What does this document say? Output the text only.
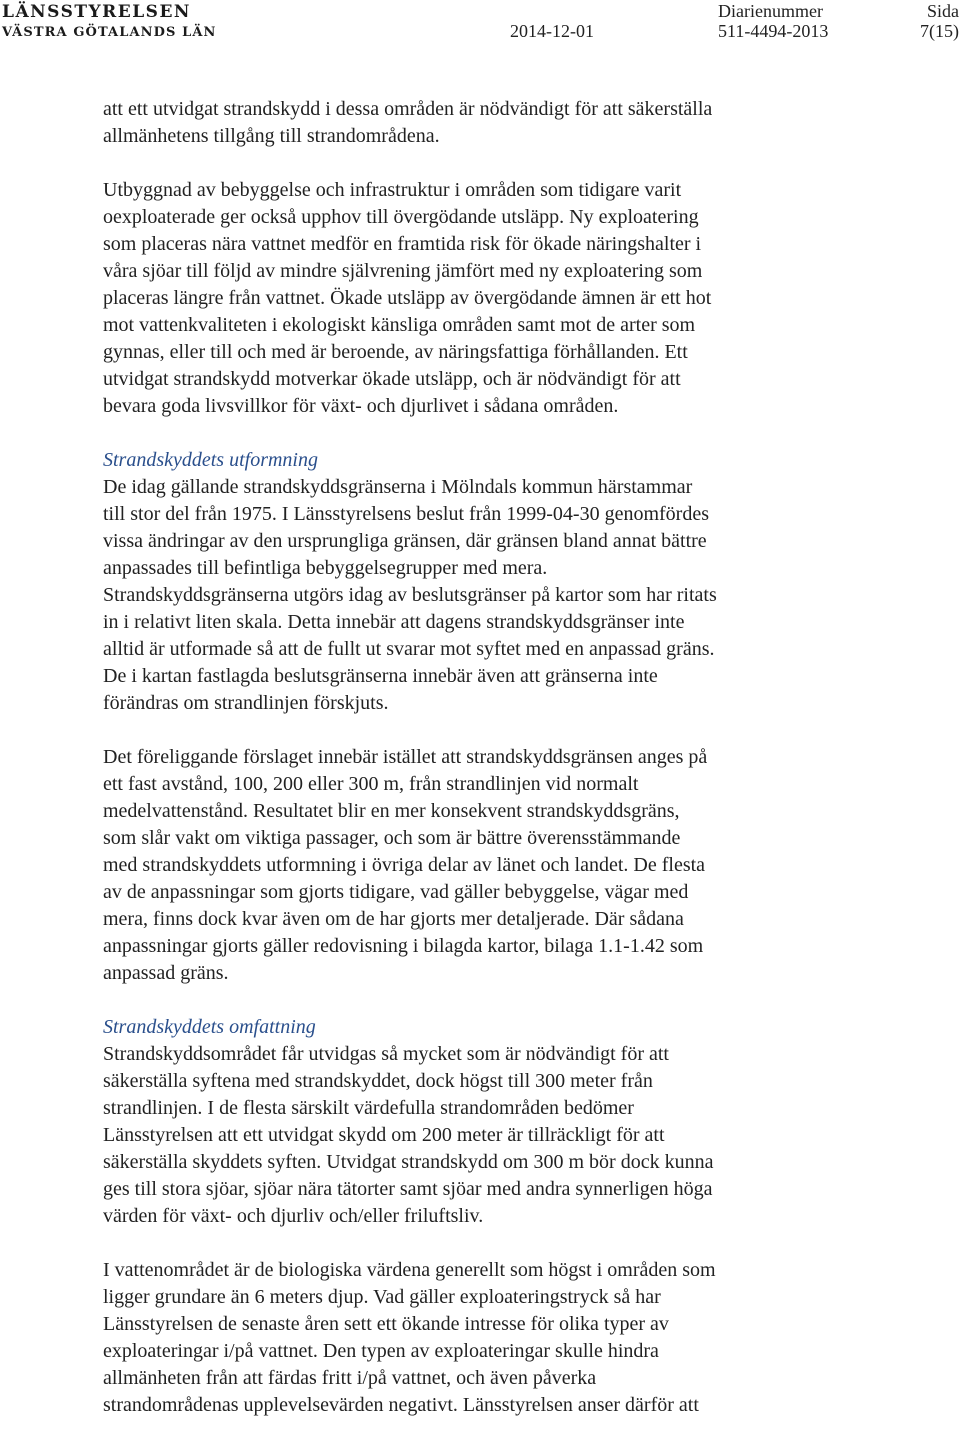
LÄNSSTYRELSEN
VÄSTRA GÖTALANDS LÄN	2014-12-01
Diarienummer
511-4494-2013
Sida
7(15)

att ett utvidgat strandskydd i dessa områden är nödvändigt för att säkerställa
allmänhetens tillgång till strandområdena.

Utbyggnad av bebyggelse och infrastruktur i områden som tidigare varit
oexploaterade ger också upphov till övergödande utsläpp. Ny exploatering
som placeras nära vattnet medför en framtida risk för ökade näringshalter i
våra sjöar till följd av mindre självrening jämfört med ny exploatering som
placeras längre från vattnet. Ökade utsläpp av övergödande ämnen är ett hot
mot vattenkvaliteten i ekologiskt känsliga områden samt mot de arter som
gynnas, eller till och med är beroende, av näringsfattiga förhållanden. Ett
utvidgat strandskydd motverkar ökade utsläpp, och är nödvändigt för att
bevara goda livsvillkor för växt- och djurlivet i sådana områden.

Strandskyddets utformning
De idag gällande strandskyddsgränserna i Mölndals kommun härstammar
till stor del från 1975. I Länsstyrelsens beslut från 1999-04-30 genomfördes
vissa ändringar av den ursprungliga gränsen, där gränsen bland annat bättre
anpassades till befintliga bebyggelsegrupper med mera.
Strandskyddsgränserna utgörs idag av beslutsgränser på kartor som har ritats
in i relativt liten skala. Detta innebär att dagens strandskyddsgränser inte
alltid är utformade så att de fullt ut svarar mot syftet med en anpassad gräns.
De i kartan fastlagda beslutsgränserna innebär även att gränserna inte
förändras om strandlinjen förskjuts.

Det föreliggande förslaget innebär istället att strandskyddsgränsen anges på
ett fast avstånd, 100, 200 eller 300 m, från strandlinjen vid normalt
medelvattenstånd. Resultatet blir en mer konsekvent strandskyddsgräns,
som slår vakt om viktiga passager, och som är bättre överensstämmande
med strandskyddets utformning i övriga delar av länet och landet. De flesta
av de anpassningar som gjorts tidigare, vad gäller bebyggelse, vägar med
mera, finns dock kvar även om de har gjorts mer detaljerade. Där sådana
anpassningar gjorts gäller redovisning i bilagda kartor, bilaga 1.1-1.42 som
anpassad gräns.

Strandskyddets omfattning
Strandskyddsområdet får utvidgas så mycket som är nödvändigt för att
säkerställa syftena med strandskyddet, dock högst till 300 meter från
strandlinjen. I de flesta särskilt värdefulla strandområden bedömer
Länsstyrelsen att ett utvidgat skydd om 200 meter är tillräckligt för att
säkerställa skyddets syften. Utvidgat strandskydd om 300 m bör dock kunna
ges till stora sjöar, sjöar nära tätorter samt sjöar med andra synnerligen höga
värden för växt- och djurliv och/eller friluftsliv.

I vattenområdet är de biologiska värdena generellt som högst i områden som
ligger grundare än 6 meters djup. Vad gäller exploateringstryck så har
Länsstyrelsen de senaste åren sett ett ökande intresse för olika typer av
exploateringar i/på vattnet. Den typen av exploateringar skulle hindra
allmänheten från att färdas fritt i/på vattnet, och även påverka
strandområdenas upplevelsevärden negativt. Länsstyrelsen anser därför att
